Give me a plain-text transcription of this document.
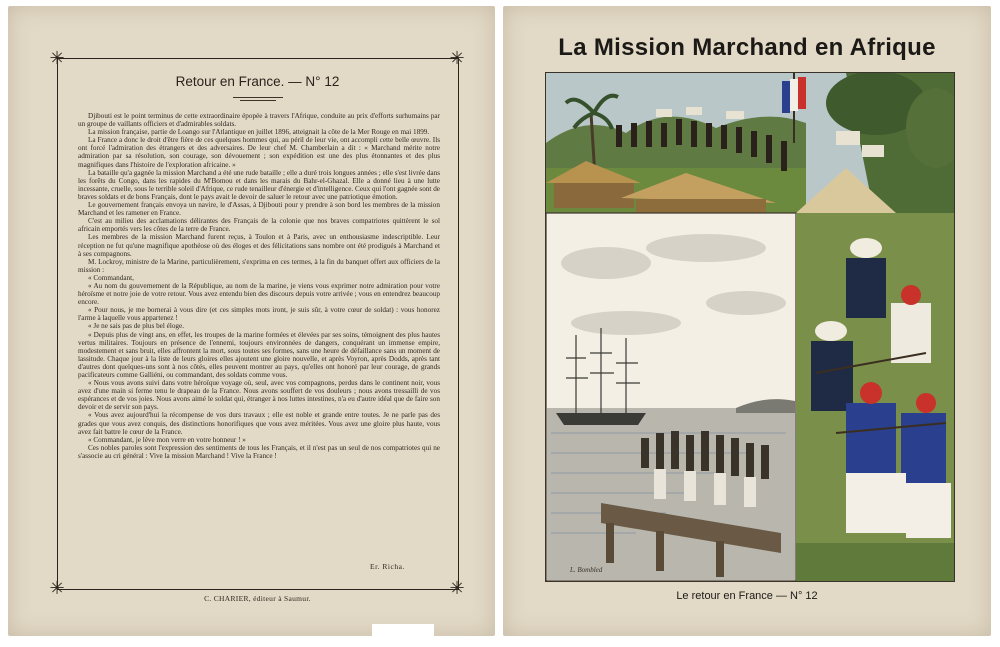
✳	✳
✳	✳
Retour en France. — N° 12

Djibouti est le point terminus de cette extraordinaire épopée à travers l'Afrique, conduite au prix d'efforts surhumains par un groupe de vaillants officiers et d'admirables soldats.

La mission française, partie de Loango sur l'Atlantique en juillet 1896, atteignait la côte de la Mer Rouge en mai 1899.

La France a donc le droit d'être fière de ces quelques hommes qui, au péril de leur vie, ont accompli cette belle œuvre. Ils ont forcé l'admiration des étrangers et des adversaires. De leur chef M. Chamberlain a dit : « Marchand mérite notre admiration par sa résolution, son courage, son dévouement ; son expédition est une des plus étonnantes et des plus magnifiques dans l'histoire de l'exploration africaine. »

La bataille qu'a gagnée la mission Marchand a été une rude bataille ; elle a duré trois longues années ; elle s'est livrée dans les forêts du Congo, dans les rapides du M'Bomou et dans les marais du Bahr-el-Ghazal. Elle a donné lieu à une lutte incessante, cruelle, sous le terrible soleil d'Afrique, ce rude tenailleur d'énergie et d'intelligence. Ceux qui l'ont gagnée sont de braves soldats et de bons Français, dont le pays avait le devoir de saluer le retour avec une patriotique émotion.

Le gouvernement français envoya un navire, le d'Assas, à Djibouti pour y prendre à son bord les membres de la mission Marchand et les ramener en France.

C'est au milieu des acclamations délirantes des Français de la colonie que nos braves compatriotes quittèrent le sol africain emportés vers les côtes de la terre de France.

Les membres de la mission Marchand furent reçus, à Toulon et à Paris, avec un enthousiasme indescriptible. Leur réception ne fut qu'une magnifique apothéose où des éloges et des félicitations sans nombre ont été prodigués à Marchand et à ses compagnons.

M. Lockroy, ministre de la Marine, particulièrement, s'exprima en ces termes, à la fin du banquet offert aux officiers de la mission :

« Commandant,

« Au nom du gouvernement de la République, au nom de la marine, je viens vous exprimer notre admiration pour votre héroïsme et notre joie de votre retour. Vous avez entendu bien des discours depuis votre arrivée ; vous en entendrez beaucoup encore.

« Pour nous, je me bornerai à vous dire (et ces simples mots iront, je suis sûr, à votre cœur de soldat) : vous honorez l'arme à laquelle vous appartenez !

« Je ne sais pas de plus bel éloge.

« Depuis plus de vingt ans, en effet, les troupes de la marine formées et élevées par ses soins, témoignent des plus hautes vertus militaires. Toujours en présence de l'ennemi, toujours environnées de dangers, conquérant un immense empire, modestement et sans bruit, elles affrontent la mort, sous toutes ses formes, sans une heure de défaillance sans un moment de lassitude. Chaque jour à la liste de leurs gloires elles ajoutent une gloire nouvelle, et après Voyron, après Dodds, après tant d'autres dont quelques-uns sont à nos côtés, elles peuvent montrer au pays, qu'elles ont honoré par leur courage, de grands pacificateurs comme Galliéni, ou commandant, des soldats comme vous.

« Nous vous avons suivi dans votre héroïque voyage où, seul, avec vos compagnons, perdus dans le continent noir, vous avez d'une main si ferme tenu le drapeau de la France. Nous avons souffert de vos douleurs ; nous avons tressailli de vos espérances et de vos joies. Nous avons aimé le soldat qui, étranger à nos luttes intestines, n'a eu d'autre idéal que de faire son devoir et de servir son pays.

« Vous avez aujourd'hui la récompense de vos durs travaux ; elle est noble et grande entre toutes. Je ne parle pas des grades que vous avez conquis, des distinctions honorifiques que vous avez méritées. Vous avez une gloire plus haute, vous avez fait battre le cœur de la France.

« Commandant, je lève mon verre en votre honneur ! »

Ces nobles paroles sont l'expression des sentiments de tous les Français, et il n'est pas un seul de nos compatriotes qui ne s'associe au cri général : Vive la mission Marchand ! Vive la France !

Er. Richa.
C. CHARIER, éditeur à Saumur.
La Mission Marchand en Afrique
L. Bombled
Le retour en France — N° 12
